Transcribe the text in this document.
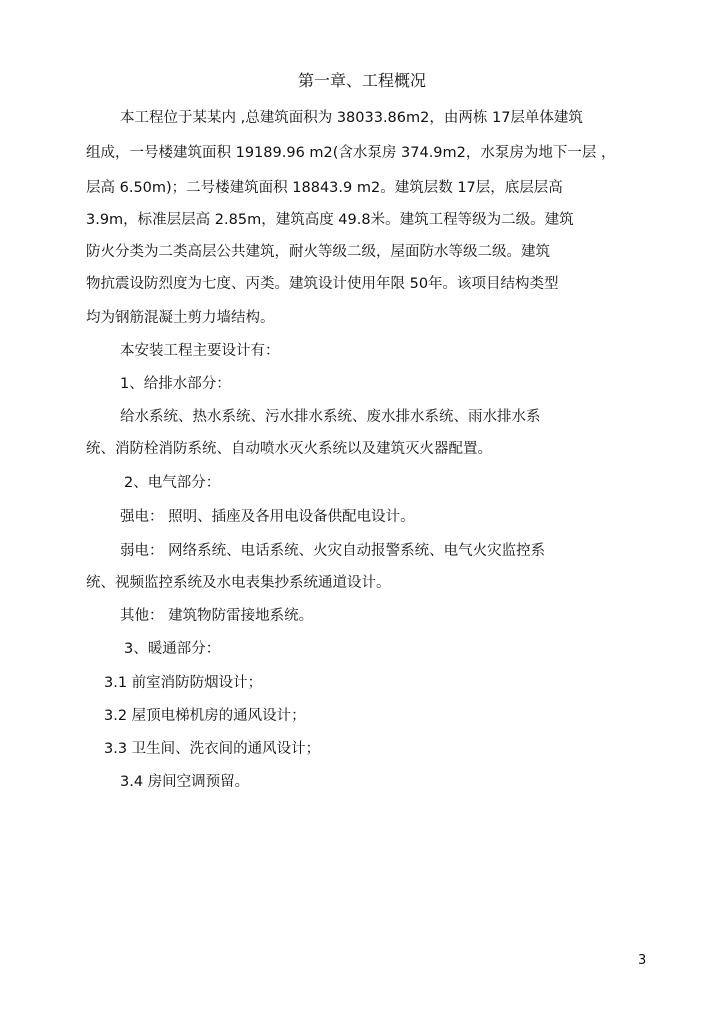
第一章、工程概况
本工程位于某某内 ,总建筑面积为 38033.86m2，由两栋 17层单体建筑
组成，一号楼建筑面积 19189.96 m2(含水泵房 374.9m2，水泵房为地下一层 ，
层高 6.50m)；二号楼建筑面积 18843.9 m2。建筑层数 17层，底层层高
3.9m，标准层层高 2.85m，建筑高度 49.8米。建筑工程等级为二级。建筑
防火分类为二类高层公共建筑，耐火等级二级，屋面防水等级二级。建筑
物抗震设防烈度为七度、丙类。建筑设计使用年限 50年。该项目结构类型
均为钢筋混凝土剪力墙结构。
本安装工程主要设计有：
1、给排水部分：
给水系统、热水系统、污水排水系统、废水排水系统、雨水排水系
统、消防栓消防系统、自动喷水灭火系统以及建筑灭火器配置。
2、电气部分：
强电： 照明、插座及各用电设备供配电设计。
弱电： 网络系统、电话系统、火灾自动报警系统、电气火灾监控系
统、视频监控系统及水电表集抄系统通道设计。
其他： 建筑物防雷接地系统。
3、暖通部分：
3.1 前室消防防烟设计；
3.2 屋顶电梯机房的通风设计；
3.3 卫生间、洗衣间的通风设计；
3.4 房间空调预留。
3
